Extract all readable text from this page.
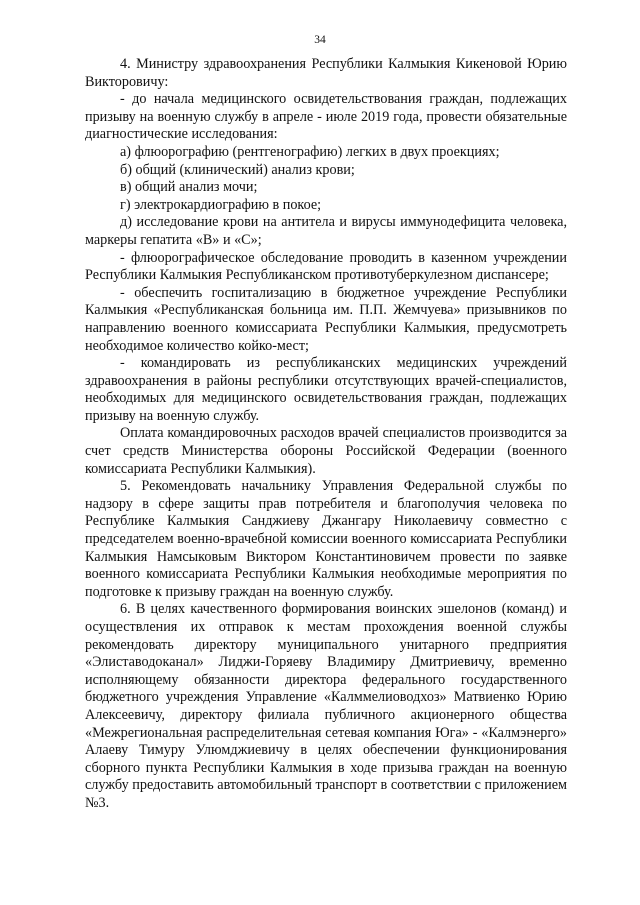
34

4. Министру здравоохранения Республики Калмыкия Кикеновой Юрию Викторовичу:

- до начала медицинского освидетельствования граждан, подлежащих призыву на военную службу в апреле - июле 2019 года, провести обязательные диагностические исследования:

а) флюорографию (рентгенографию) легких в двух проекциях;

б) общий (клинический) анализ крови;

в) общий анализ мочи;

г) электрокардиографию в покое;

д) исследование крови на антитела и вирусы иммунодефицита человека, маркеры гепатита «В» и «С»;

- флюорографическое обследование проводить в казенном учреждении Республики Калмыкия Республиканском противотуберкулезном диспансере;

- обеспечить госпитализацию в бюджетное учреждение Республики Калмыкия «Республиканская больница им. П.П. Жемчуева» призывников по направлению военного комиссариата Республики Калмыкия, предусмотреть необходимое количество койко-мест;

- командировать из республиканских медицинских учреждений здравоохранения в районы республики отсутствующих врачей-специалистов, необходимых для медицинского освидетельствования граждан, подлежащих призыву на военную службу.

Оплата командировочных расходов врачей специалистов производится за счет средств Министерства обороны Российской Федерации (военного комиссариата Республики Калмыкия).

5. Рекомендовать начальнику Управления Федеральной службы по надзору в сфере защиты прав потребителя и благополучия человека по Республике Калмыкия Санджиеву Джангару Николаевичу совместно с председателем военно-врачебной комиссии военного комиссариата Республики Калмыкия Намсыковым Виктором Константиновичем провести по заявке военного комиссариата Республики Калмыкия необходимые мероприятия по подготовке к призыву граждан на военную службу.

6. В целях качественного формирования воинских эшелонов (команд) и осуществления их отправок к местам прохождения военной службы рекомендовать директору муниципального унитарного предприятия «Элиставодоканал» Лиджи-Горяеву Владимиру Дмитриевичу, временно исполняющему обязанности директора федерального государственного бюджетного учреждения Управление «Калммелиоводхоз» Матвиенко Юрию Алексеевичу, директору филиала публичного акционерного общества «Межрегиональная распределительная сетевая компания Юга» - «Калмэнерго» Алаеву Тимуру Улюмджиевичу в целях обеспечении функционирования сборного пункта Республики Калмыкия в ходе призыва граждан на военную службу предоставить автомобильный транспорт в соответствии с приложением №3.
